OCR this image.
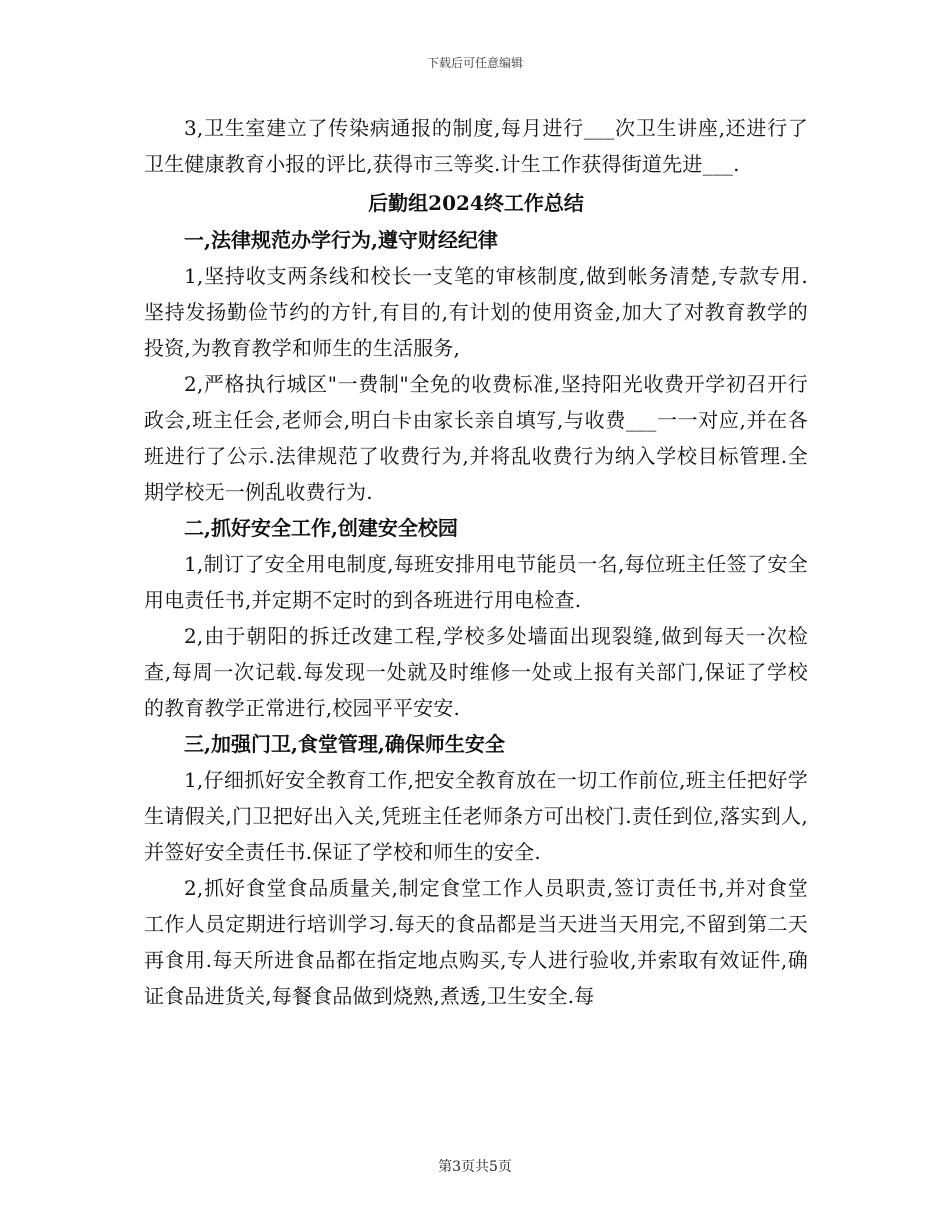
下载后可任意编辑

3,卫生室建立了传染病通报的制度,每月进行___次卫生讲座,还进行了卫生健康教育小报的评比,获得市三等奖.计生工作获得街道先进___.

后勤组2024终工作总结
一,法律规范办学行为,遵守财经纪律

1,坚持收支两条线和校长一支笔的审核制度,做到帐务清楚,专款专用.坚持发扬勤俭节约的方针,有目的,有计划的使用资金,加大了对教育教学的投资,为教育教学和师生的生活服务,

2,严格执行城区"一费制"全免的收费标准,坚持阳光收费开学初召开行政会,班主任会,老师会,明白卡由家长亲自填写,与收费___一一对应,并在各班进行了公示.法律规范了收费行为,并将乱收费行为纳入学校目标管理.全期学校无一例乱收费行为.

二,抓好安全工作,创建安全校园

1,制订了安全用电制度,每班安排用电节能员一名,每位班主任签了安全用电责任书,并定期不定时的到各班进行用电检查.

2,由于朝阳的拆迁改建工程,学校多处墙面出现裂缝,做到每天一次检查,每周一次记载.每发现一处就及时维修一处或上报有关部门,保证了学校的教育教学正常进行,校园平平安安.

三,加强门卫,食堂管理,确保师生安全

1,仔细抓好安全教育工作,把安全教育放在一切工作前位,班主任把好学生请假关,门卫把好出入关,凭班主任老师条方可出校门.责任到位,落实到人,并签好安全责任书.保证了学校和师生的安全.

2,抓好食堂食品质量关,制定食堂工作人员职责,签订责任书,并对食堂工作人员定期进行培训学习.每天的食品都是当天进当天用完,不留到第二天再食用.每天所进食品都在指定地点购买,专人进行验收,并索取有效证件,确证食品进货关,每餐食品做到烧熟,煮透,卫生安全.每

第3页共5页
